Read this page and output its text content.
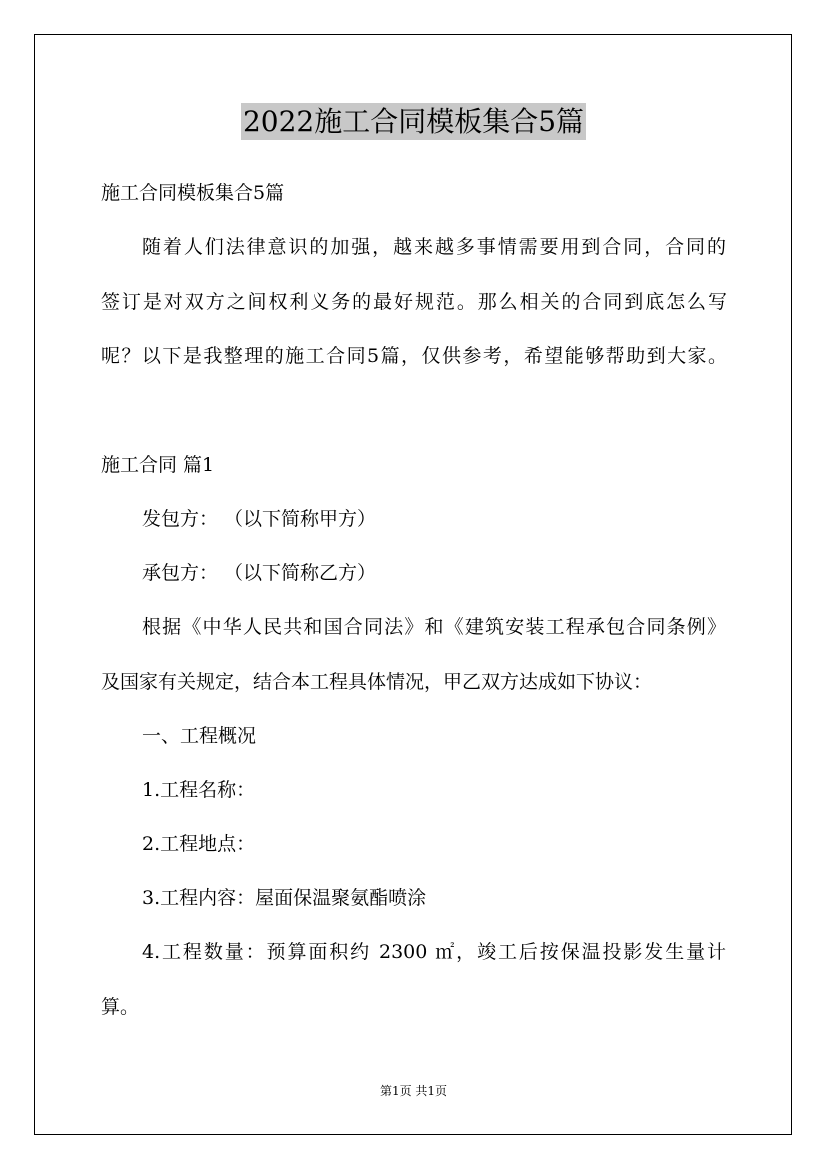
2022施工合同模板集合5篇
施工合同模板集合5篇
随着人们法律意识的加强，越来越多事情需要用到合同，合同的
签订是对双方之间权利义务的最好规范。那么相关的合同到底怎么写
呢？以下是我整理的施工合同5篇，仅供参考，希望能够帮助到大家。
施工合同 篇1
发包方： （以下简称甲方）
承包方： （以下简称乙方）
根据《中华人民共和国合同法》和《建筑安装工程承包合同条例》
及国家有关规定，结合本工程具体情况，甲乙双方达成如下协议：
一、工程概况
1.工程名称：
2.工程地点：
3.工程内容：屋面保温聚氨酯喷涂
4.工程数量：预算面积约 2300 ㎡，竣工后按保温投影发生量计
算。
第1页 共1页
